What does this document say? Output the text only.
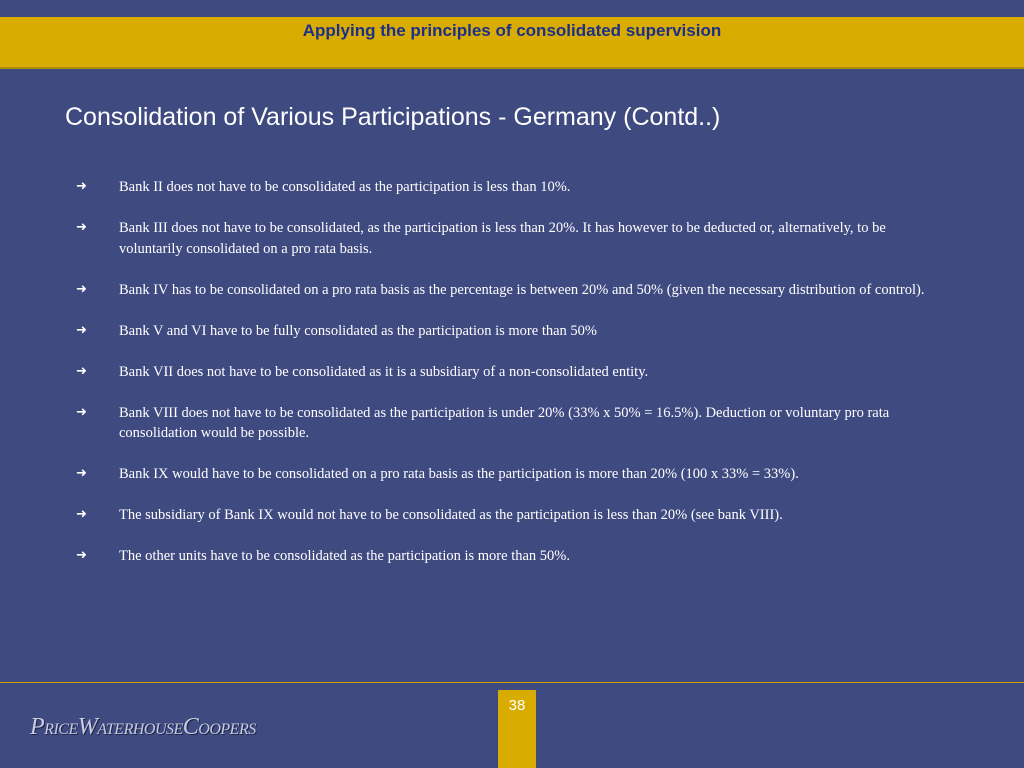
Applying the principles of consolidated supervision
Consolidation of Various Participations - Germany (Contd..)
➜ Bank II does not have to be consolidated as the participation is less than 10%.
➜ Bank III does not have to be consolidated, as the participation is less than 20%. It has however to be deducted or, alternatively, to be voluntarily consolidated on a pro rata basis.
➜ Bank IV has to be consolidated on a pro rata basis as the percentage is between 20% and 50% (given the necessary distribution of control).
➜ Bank V and VI have to be fully consolidated as the participation is more than 50%
➜ Bank VII does not have to be consolidated as it is a subsidiary of a non-consolidated entity.
➜ Bank VIII does not have to be consolidated as the participation is under 20% (33% x 50% = 16.5%). Deduction or voluntary pro rata consolidation would be possible.
➜ Bank IX would have to be consolidated on a pro rata basis as the participation is more than 20% (100 x 33% = 33%).
➜ The subsidiary of Bank IX would not have to be consolidated as the participation is less than 20% (see bank VIII).
➜ The other units have to be consolidated as the participation is more than 50%.
38
PRICEWATERHOUSECOOPERS
